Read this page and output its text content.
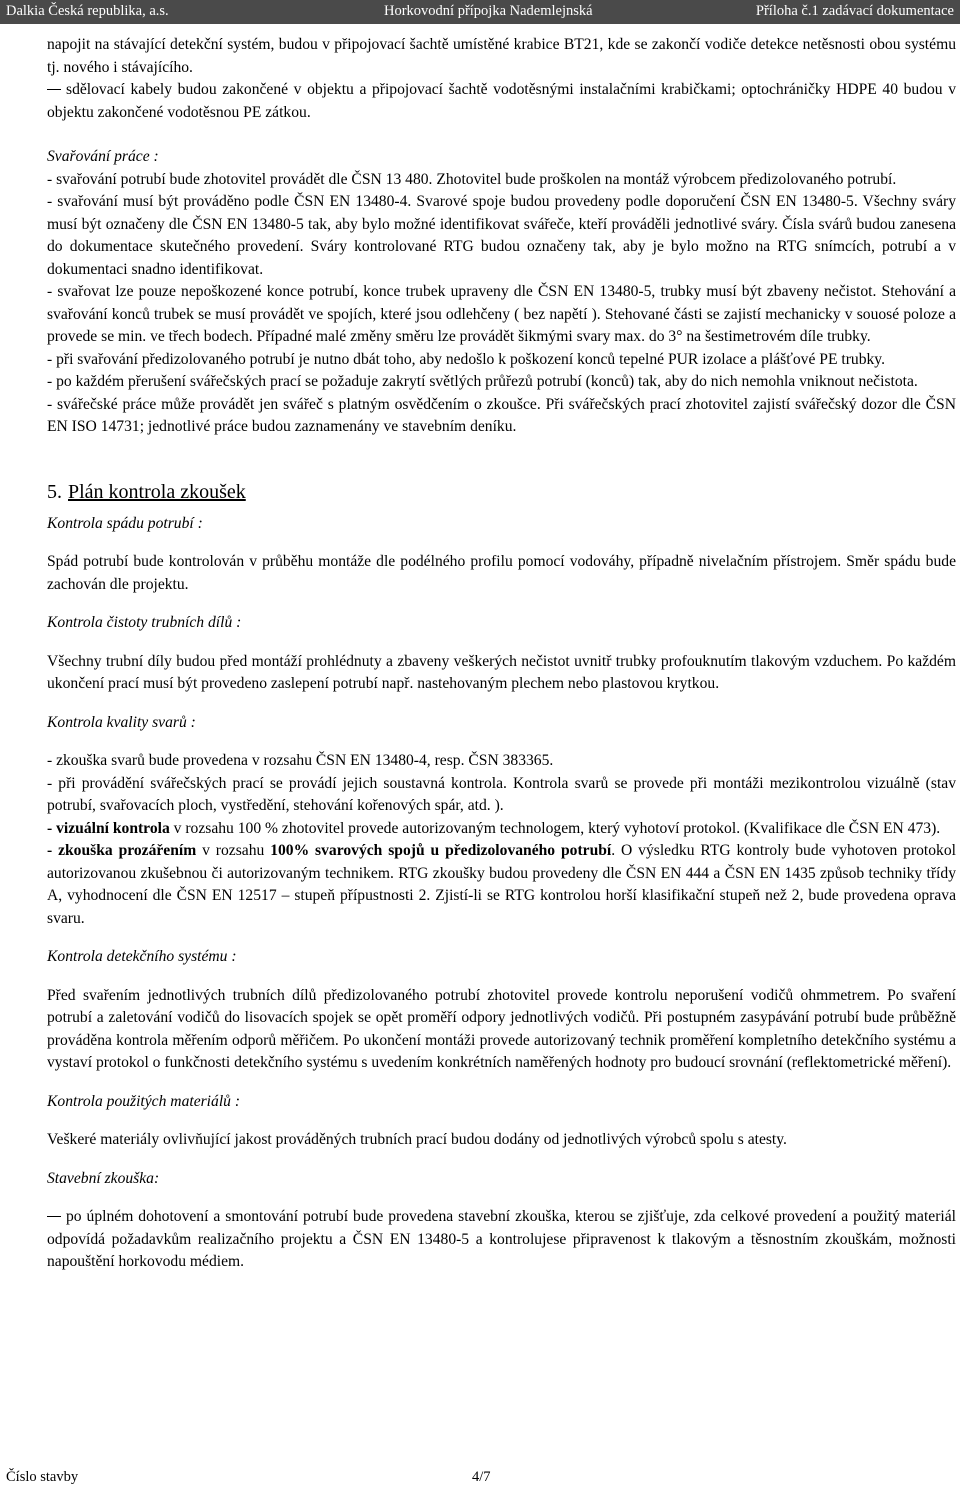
Dalkia Česká republika, a.s.	Horkovodní přípojka Nademlejnská	Příloha č.1 zadávací dokumentace

napojit na stávající detekční systém, budou v připojovací šachtě umístěné krabice BT21, kde se zakončí vodiče detekce netěsnosti obou systému tj. nového i stávajícího.

sdělovací kabely budou zakončené v objektu a připojovací šachtě vodotěsnými instalačními krabičkami; optochráničky HDPE 40 budou v objektu zakončené vodotěsnou PE zátkou.

Svařování práce :

- svařování potrubí bude zhotovitel provádět dle ČSN 13 480. Zhotovitel bude proškolen na montáž výrobcem předizolovaného potrubí.

- svařování musí být prováděno podle ČSN EN 13480-4. Svarové spoje budou provedeny podle doporučení ČSN EN 13480-5. Všechny sváry musí být označeny dle ČSN EN 13480-5 tak, aby bylo možné identifikovat svářeče, kteří prováděli jednotlivé sváry. Čísla svárů budou zanesena do dokumentace skutečného provedení. Sváry kontrolované RTG budou označeny tak, aby je bylo možno na RTG snímcích, potrubí a v dokumentaci snadno identifikovat.

- svařovat lze pouze nepoškozené konce potrubí, konce trubek upraveny dle ČSN EN 13480-5, trubky musí být zbaveny nečistot. Stehování a svařování konců trubek se musí provádět ve spojích, které jsou odlehčeny ( bez napětí ). Stehované části se zajistí mechanicky v souosé poloze a provede se min. ve třech bodech. Případné malé změny směru lze provádět šikmými svary max. do 3° na šestimetrovém díle trubky.

- při svařování předizolovaného potrubí je nutno dbát toho, aby nedošlo k poškození konců tepelné PUR izolace a plášťové PE trubky.

- po každém přerušení svářečských prací se požaduje zakrytí světlých průřezů potrubí (konců) tak, aby do nich nemohla vniknout nečistota.

- svářečské práce může provádět jen svářeč s platným osvědčením o zkoušce. Při svářečských prací zhotovitel zajistí svářečský dozor dle ČSN EN ISO 14731; jednotlivé práce budou zaznamenány ve stavebním deníku.

5. Plán kontrola zkoušek

Kontrola spádu potrubí :

Spád potrubí bude kontrolován v průběhu montáže dle podélného profilu pomocí vodováhy, případně nivelačním přístrojem. Směr spádu bude zachován dle projektu.

Kontrola čistoty trubních dílů :

Všechny trubní díly budou před montáží prohlédnuty a zbaveny veškerých nečistot uvnitř trubky profouknutím tlakovým vzduchem. Po každém ukončení prací musí být provedeno zaslepení potrubí např. nastehovaným plechem nebo plastovou krytkou.

Kontrola kvality svarů :

- zkouška svarů bude provedena v rozsahu ČSN EN 13480-4, resp. ČSN 383365.

- při provádění svářečských prací se provádí jejich soustavná kontrola. Kontrola svarů se provede při montáži mezikontrolou vizuálně (stav potrubí, svařovacích ploch, vystředění, stehování kořenových spár, atd. ).

- vizuální kontrola v rozsahu 100 % zhotovitel provede autorizovaným technologem, který vyhotoví protokol. (Kvalifikace dle ČSN EN 473).

- zkouška prozářením v rozsahu 100% svarových spojů u předizolovaného potrubí. O výsledku RTG kontroly bude vyhotoven protokol autorizovanou zkušebnou či autorizovaným technikem. RTG zkoušky budou provedeny dle ČSN EN 444 a ČSN EN 1435 způsob techniky třídy A, vyhodnocení dle ČSN EN 12517 – stupeň přípustnosti 2. Zjistí-li se RTG kontrolou horší klasifikační stupeň než 2, bude provedena oprava svaru.

Kontrola detekčního systému :

Před svařením jednotlivých trubních dílů předizolovaného potrubí zhotovitel provede kontrolu neporušení vodičů ohmmetrem. Po svaření potrubí a zaletování vodičů do lisovacích spojek se opět proměří odpory jednotlivých vodičů. Při postupném zasypávání potrubí bude průběžně prováděna kontrola měřením odporů měřičem. Po ukončení montáži provede autorizovaný technik proměření kompletního detekčního systému a vystaví protokol o funkčnosti detekčního systému s uvedením konkrétních naměřených hodnoty pro budoucí srovnání (reflektometrické měření).

Kontrola použitých materiálů :

Veškeré materiály ovlivňující jakost prováděných trubních prací budou dodány od jednotlivých výrobců spolu s atesty.

Stavební zkouška:

po úplném dohotovení a smontování potrubí bude provedena stavební zkouška, kterou se zjišťuje, zda celkové provedení a použitý materiál odpovídá požadavkům realizačního projektu a ČSN EN 13480-5 a kontrolujese připravenost k tlakovým a těsnostním zkouškám, možnosti napouštění horkovodu médiem.

Číslo stavby	4/7
